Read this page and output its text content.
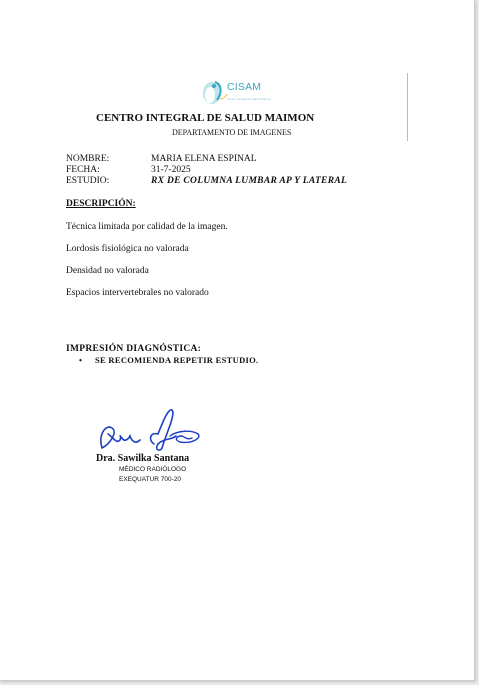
CISAM
Centro Integral de Salud Maimon
CENTRO INTEGRAL DE SALUD MAIMON
DEPARTAMENTO DE IMAGENES
NOMBRE:	MARIA ELENA ESPINAL
FECHA:	31-7-2025
ESTUDIO:	RX DE COLUMNA LUMBAR AP Y LATERAL
DESCRIPCIÓN:
Técnica limitada por calidad de la imagen.
Lordosis fisiológica no valorada
Densidad no valorada
Espacios intervertebrales no valorado
IMPRESIÓN DIAGNÓSTICA:
• SE RECOMIENDA REPETIR ESTUDIO.
Dra. Sawilka Santana
MÉDICO RADIÓLOGO
EXEQUATUR 700-20
